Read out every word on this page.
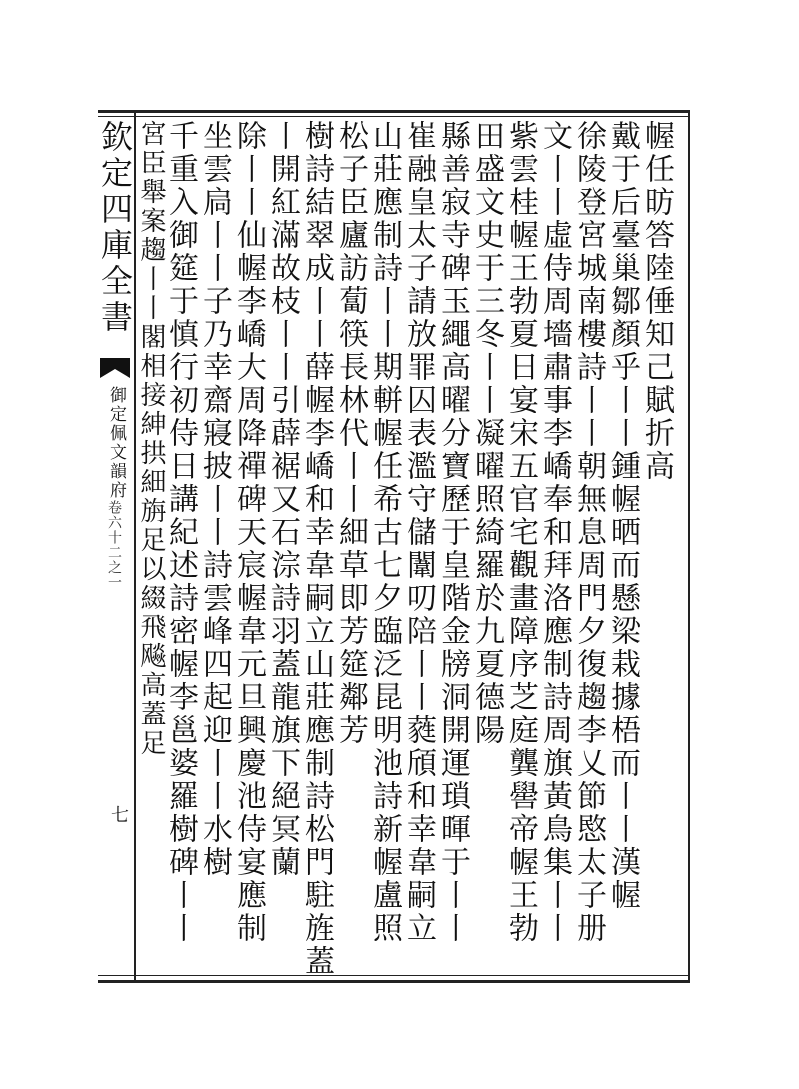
欽定四庫全書
御定佩文韻府
卷六十二之一
七
幄任昉答陸倕知己賦折高
戴于后臺巢鄒顏乎丨丨鍾幄晒而懸梁栽據梧而丨丨漢幄
徐陵登宮城南樓詩丨丨朝無息周門夕復趨李乂節愍太子册
文丨丨虛侍周墻肅事李嶠奉和拜洛應制詩周旗黃鳥集丨丨
紫雲桂幄王勃夏日宴宋五官宅觀畫障序芝庭龔嚳帝幄王勃
田盛文史于三冬丨丨凝曜照綺羅於九夏德陽
縣善寂寺碑玉繩高曜分寶歷于皇階金牓洞開運瑣暉于丨丨
崔融皇太子請放罪囚表濫守儲闈叨陪丨丨蕤頎和幸韋嗣立
山莊應制詩丨丨期軿幄任希古七夕臨泛昆明池詩新幄盧照
松子臣廬訪蔔筷長林代丨丨細草即芳筵鄰芳
樹詩結翠成丨丨薛幄李嶠和幸韋嗣立山莊應制詩松門駐旌蓋
丨開紅滿故枝丨丨引薜裾又石淙詩羽蓋龍旗下絕冥蘭
除丨丨仙幄李嶠大周降禪碑天宸幄韋元旦興慶池侍宴應制
坐雲扃丨丨子乃幸齋寢披丨丨詩雲峰四起迎丨丨水樹
千重入御筵于慎行初侍日講紀述詩密幄李邕婆羅樹碑丨丨
宮臣舉案趨丨丨閣相接紳拱細旃足以綴飛飚高蓋足
